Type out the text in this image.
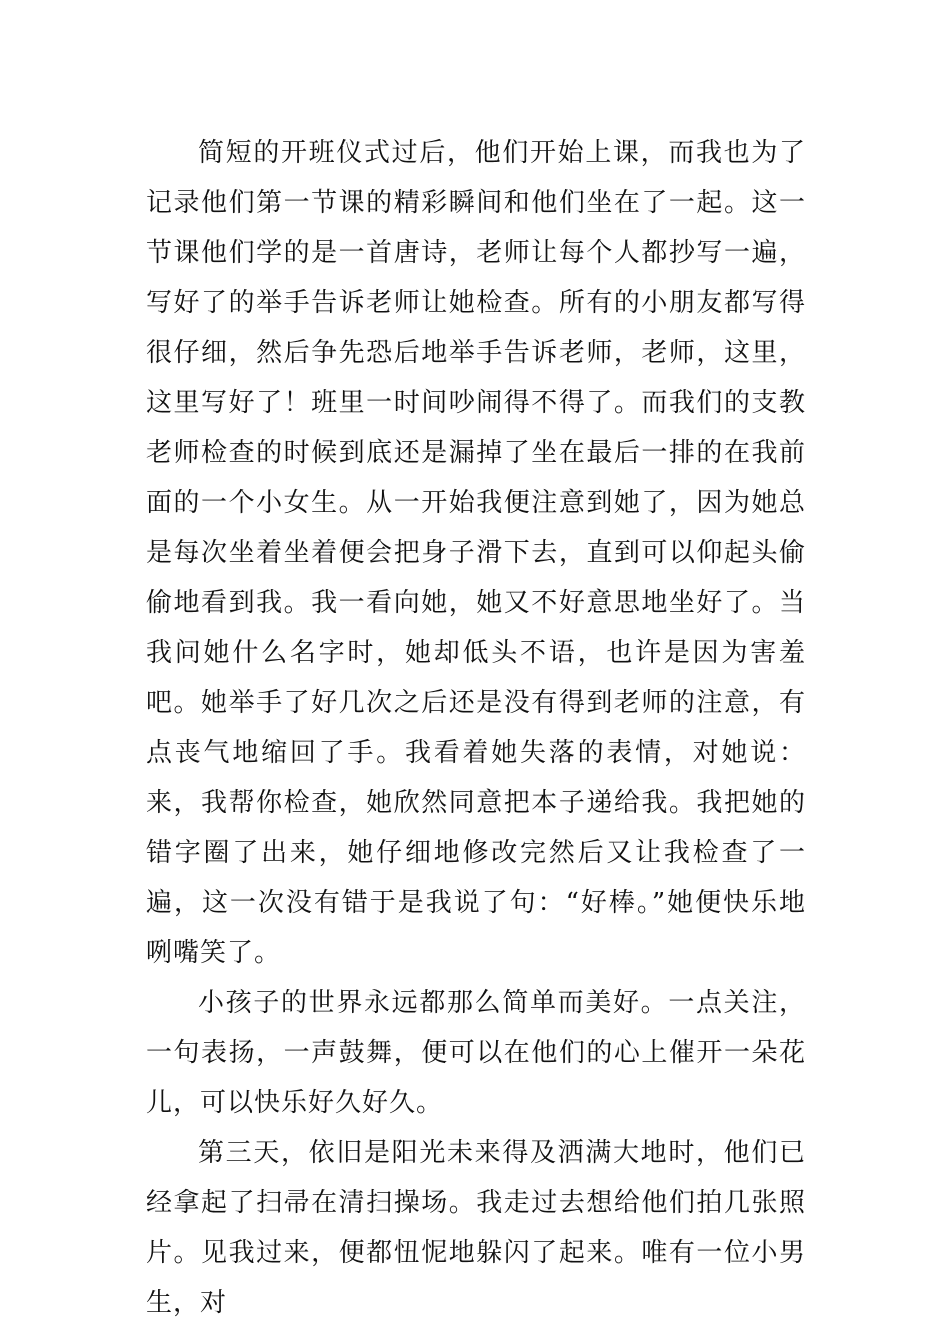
简短的开班仪式过后，他们开始上课，而我也为了记录他们第一节课的精彩瞬间和他们坐在了一起。这一节课他们学的是一首唐诗，老师让每个人都抄写一遍，写好了的举手告诉老师让她检查。所有的小朋友都写得很仔细，然后争先恐后地举手告诉老师，老师，这里，这里写好了！班里一时间吵闹得不得了。而我们的支教老师检查的时候到底还是漏掉了坐在最后一排的在我前面的一个小女生。从一开始我便注意到她了，因为她总是每次坐着坐着便会把身子滑下去，直到可以仰起头偷偷地看到我。我一看向她，她又不好意思地坐好了。当我问她什么名字时，她却低头不语，也许是因为害羞吧。她举手了好几次之后还是没有得到老师的注意，有点丧气地缩回了手。我看着她失落的表情，对她说：来，我帮你检查，她欣然同意把本子递给我。我把她的错字圈了出来，她仔细地修改完然后又让我检查了一遍，这一次没有错于是我说了句：“好棒。”她便快乐地咧嘴笑了。

小孩子的世界永远都那么简单而美好。一点关注，一句表扬，一声鼓舞，便可以在他们的心上催开一朵花儿，可以快乐好久好久。

第三天，依旧是阳光未来得及洒满大地时，他们已经拿起了扫帚在清扫操场。我走过去想给他们拍几张照片。见我过来，便都忸怩地躲闪了起来。唯有一位小男生，对
